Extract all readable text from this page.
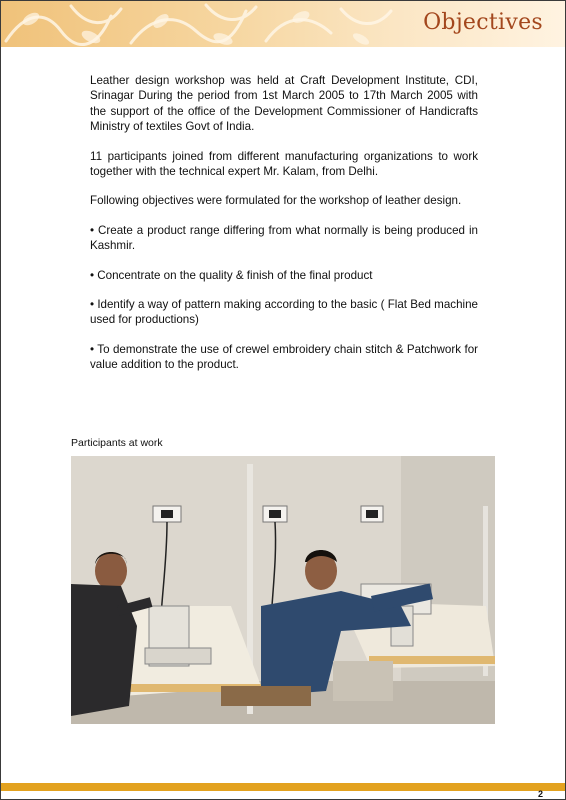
Objectives

Leather design workshop was held at Craft Development Institute, CDI, Srinagar During the period from 1st March 2005 to 17th March 2005 with the support of the office of the Development Commissioner of Handicrafts Ministry of textiles Govt of India.

11 participants joined from different manufacturing organizations to work together with the technical expert Mr. Kalam, from Delhi.

Following objectives were formulated for the workshop of leather design.

• Create a product range differing from what normally is being produced in Kashmir.

• Concentrate on the quality & finish of the final product

• Identify a way of pattern making according to the basic ( Flat Bed machine used for productions)

• To demonstrate the use of crewel embroidery chain stitch & Patchwork for value addition to the product.

Participants at work
2
